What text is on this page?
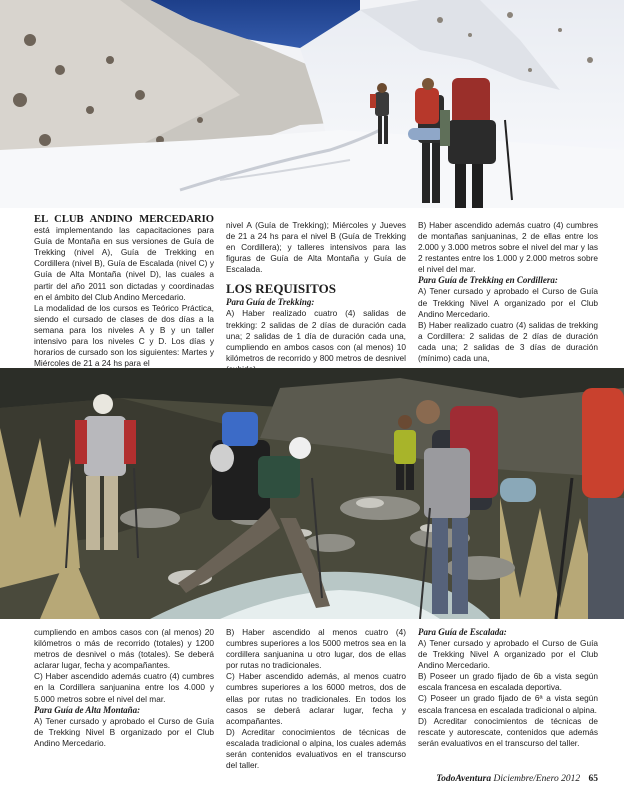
EL CLUB ANDINO MERCEDARIO está implementando las capacitaciones para Guía de Montaña en sus versiones de Guía de Trekking (nivel A), Guía de Trekking en Cordillera (nivel B), Guía de Escalada (nivel C) y Guía de Alta Montaña (nivel D), las cuales a partir del año 2011 son dictadas y coordinadas en el ámbito del Club Andino Mercedario.

La modalidad de los cursos es Teórico Práctica, siendo el cursado de clases de dos días a la semana para los niveles A y B y un taller intensivo para los niveles C y D. Los días y horarios de cursado son los siguientes: Martes y Miércoles de 21 a 24 hs para el

nivel A (Guía de Trekking); Miércoles y Jueves de 21 a 24 hs para el nivel B (Guía de Trekking en Cordillera); y talleres intensivos para las figuras de Guía de Alta Montaña y Guía de Escalada.

LOS REQUISITOS
Para Guía de Trekking:

A) Haber realizado cuatro (4) salidas de trekking: 2 salidas de 2 días de duración cada una; 2 salidas de 1 día de duración cada una, cumpliendo en ambos casos con (al menos) 10 kilómetros de recorrido y 800 metros de desnivel

B) Haber ascendido además cuatro (4) cumbres de montañas sanjuaninas, 2 de ellas entre los 2.000 y 3.000 metros sobre el nivel del mar y las 2 restantes entre los 1.000 y 2.000 metros sobre el nivel del mar.

Para Guía de Trekking en Cordillera:

A) Tener cursado y aprobado el Curso de Guía de Trekking Nivel A organizado por el Club Andino Mercedario.

B) Haber realizado cuatro (4) salidas de trekking a Cordillera: 2 salidas de 2 días de duración cada una; 2 salidas de 3 días de duración (mínimo) cada una,

cumpliendo en ambos casos con (al menos) 20 kilómetros o más de recorrido (totales) y 1200 metros de desnivel o más (totales). Se deberá aclarar lugar, fecha y acompañantes.

C) Haber ascendido además cuatro (4) cumbres en la Cordillera sanjuanina entre los 4.000 y 5.000 metros sobre el nivel del mar.

Para Guía de Alta Montaña:

A) Tener cursado y aprobado el Curso de Guía de Trekking Nivel B organizado por el Club Andino Mercedario.

B) Haber ascendido al menos cuatro (4) cumbres superiores a los 5000 metros sea en la cordillera sanjuanina u otro lugar, dos de ellas por rutas no tradicionales.

C) Haber ascendido además, al menos cuatro cumbres superiores a los 6000 metros, dos de ellas por rutas no tradicionales. En todos los casos se deberá aclarar lugar, fecha y acompañantes.

D) Acreditar conocimientos de técnicas de escalada tradicional o alpina, los cuales además serán contenidos evaluativos en el transcurso del taller.

Para Guía de Escalada:

A) Tener cursado y aprobado el Curso de Guía de Trekking Nivel A organizado por el Club Andino Mercedario.

B) Poseer un grado fijado de 6b a vista según escala francesa en escalada deportiva.

C) Poseer un grado fijado de 6ª a vista según escala francesa en escalada tradicional o alpina.

D) Acreditar conocimientos de técnicas de rescate y autorescate, contenidos que además serán evaluativos en el transcurso del taller.

TodoAventura Diciembre/Enero 2012 65
